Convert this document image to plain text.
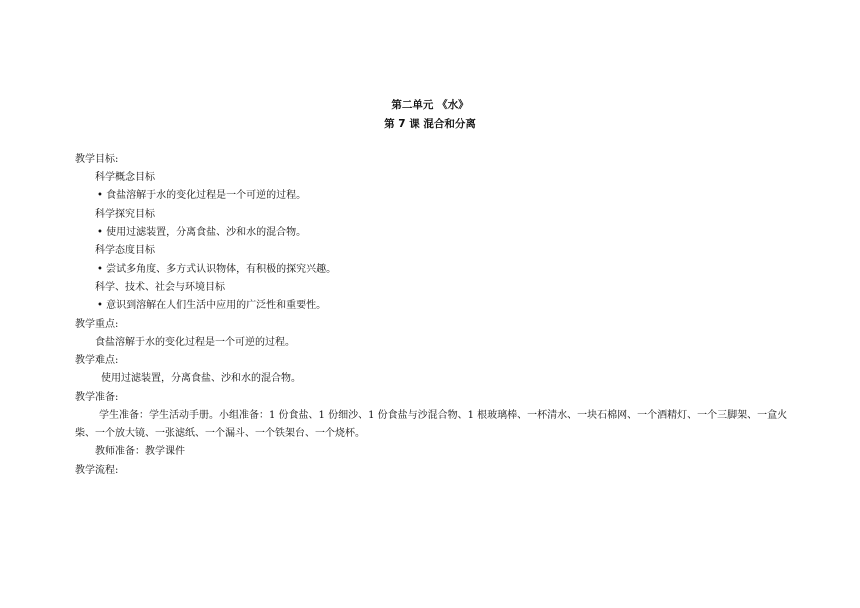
第二单元 《水》
第 7 课 混合和分离
教学目标:
科学概念目标
• 食盐溶解于水的变化过程是一个可逆的过程。
科学探究目标
• 使用过滤装置，分离食盐、沙和水的混合物。
科学态度目标
• 尝试多角度、多方式认识物体，有积极的探究兴趣。
科学、技术、社会与环境目标
• 意识到溶解在人们生活中应用的广泛性和重要性。
教学重点:
食盐溶解于水的变化过程是一个可逆的过程。
教学难点:
使用过滤装置，分离食盐、沙和水的混合物。
教学准备:
学生准备：学生活动手册。小组准备：1 份食盐、1 份细沙、1 份食盐与沙混合物、1 根玻璃棒、一杯清水、一块石棉网、一个酒精灯、一个三脚架、一盒火柴、一个放大镜、一张滤纸、一个漏斗、一个铁架台、一个烧杯。
教师准备：教学课件
教学流程:
